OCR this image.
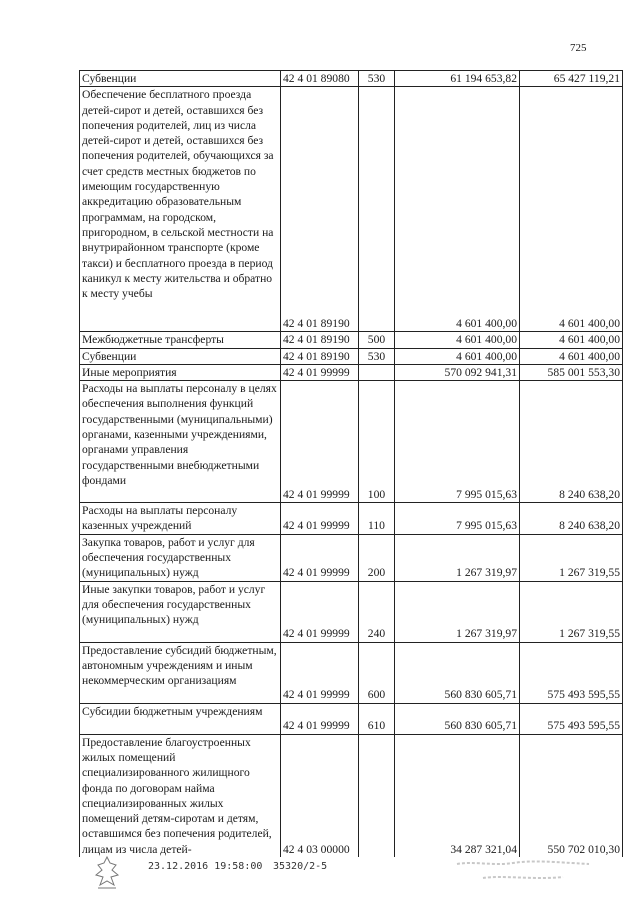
725
Субвенции	42 4 01 89080	530	61 194 653,82	65 427 119,21
Обеспечение бесплатного проезда детей-сирот и детей, оставшихся без попечения родителей, лиц из числа детей-сирот и детей, оставшихся без попечения родителей, обучающихся за счет средств местных бюджетов по имеющим государственную аккредитацию образовательным программам, на городском, пригородном, в сельской местности на внутрирайонном транспорте (кроме такси) и бесплатного проезда в период каникул к месту жительства и обратно к месту учебы	42 4 01 89190		4 601 400,00	4 601 400,00
Межбюджетные трансферты	42 4 01 89190	500	4 601 400,00	4 601 400,00
Субвенции	42 4 01 89190	530	4 601 400,00	4 601 400,00
Иные мероприятия	42 4 01 99999		570 092 941,31	585 001 553,30
Расходы на выплаты персоналу в целях обеспечения выполнения функций государственными (муниципальными) органами, казенными учреждениями, органами управления государственными внебюджетными фондами	42 4 01 99999	100	7 995 015,63	8 240 638,20
Расходы на выплаты персоналу казенных учреждений	42 4 01 99999	110	7 995 015,63	8 240 638,20
Закупка товаров, работ и услуг для обеспечения государственных (муниципальных) нужд	42 4 01 99999	200	1 267 319,97	1 267 319,55
Иные закупки товаров, работ и услуг для обеспечения государственных (муниципальных) нужд	42 4 01 99999	240	1 267 319,97	1 267 319,55
Предоставление субсидий бюджетным, автономным учреждениям и иным некоммерческим организациям	42 4 01 99999	600	560 830 605,71	575 493 595,55
Субсидии бюджетным учреждениям	42 4 01 99999	610	560 830 605,71	575 493 595,55
Предоставление благоустроенных жилых помещений специализированного жилищного фонда по договорам найма специализированных жилых помещений детям-сиротам и детям, оставшимся без попечения родителей, лицам из числа детей-	42 4 03 00000		34 287 321,04	550 702 010,30
23.12.2016 19:58:00 35320/2-5
